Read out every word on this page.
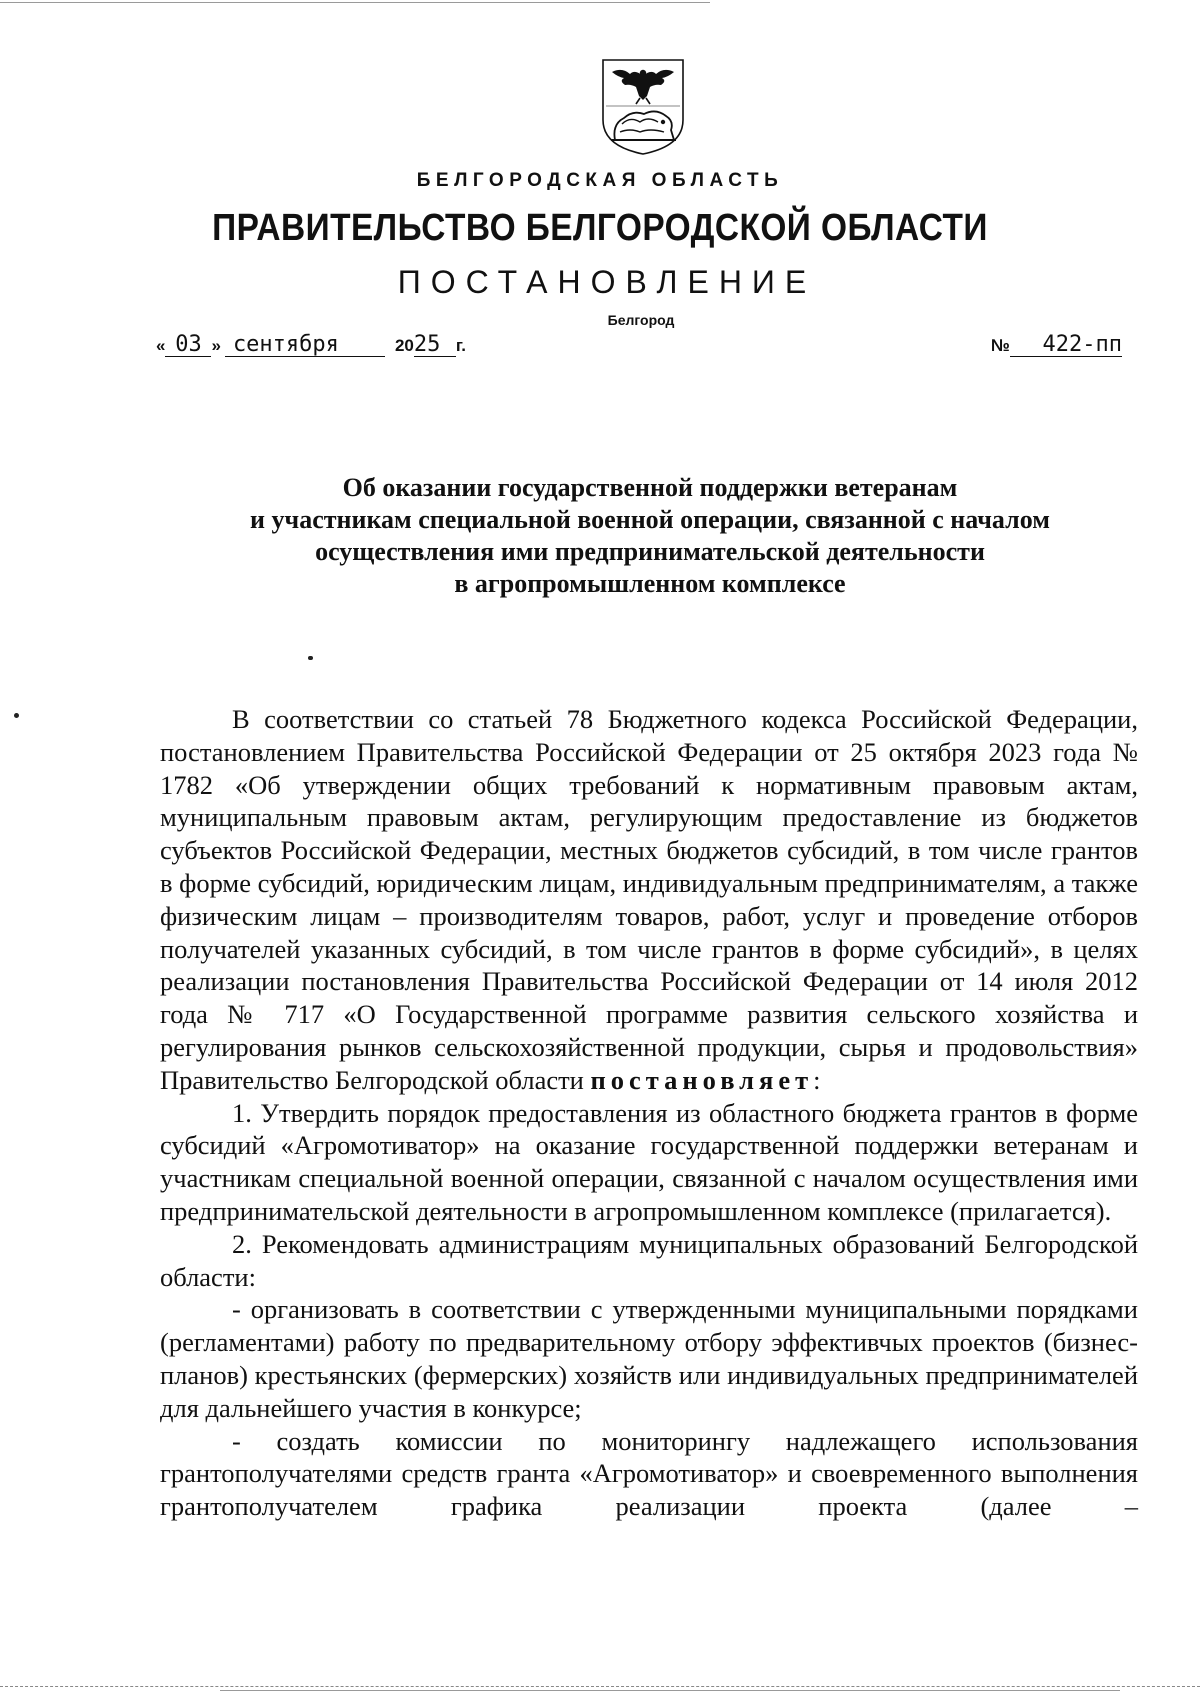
БЕЛГОРОДСКАЯ ОБЛАСТЬ
ПРАВИТЕЛЬСТВО БЕЛГОРОДСКОЙ ОБЛАСТИ
ПОСТАНОВЛЕНИЕ
Белгород
« 03 » сентября	2025 г.	№ 422-пп
Об оказании государственной поддержки ветеранам
и участникам специальной военной операции, связанной с началом
осуществления ими предпринимательской деятельности
в агропромышленном комплексе

В соответствии со статьей 78 Бюджетного кодекса Российской Федерации, постановлением Правительства Российской Федерации от 25 октября 2023 года № 1782 «Об утверждении общих требований к нормативным правовым актам, муниципальным правовым актам, регулирующим предоставление из бюджетов субъектов Российской Федерации, местных бюджетов субсидий, в том числе грантов в форме субсидий, юридическим лицам, индивидуальным предпринимателям, а также физическим лицам – производителям товаров, работ, услуг и проведение отборов получателей указанных субсидий, в том числе грантов в форме субсидий», в целях реализации постановления Правительства Российской Федерации от 14 июля 2012 года № 717 «О Государственной программе развития сельского хозяйства и регулирования рынков сельскохозяйственной продукции, сырья и продовольствия» Правительство Белгородской области постановляет:

1. Утвердить порядок предоставления из областного бюджета грантов в форме субсидий «Агромотиватор» на оказание государственной поддержки ветеранам и участникам специальной военной операции, связанной с началом осуществления ими предпринимательской деятельности в агропромышленном комплексе (прилагается).

2. Рекомендовать администрациям муниципальных образований Белгородской области:

- организовать в соответствии с утвержденными муниципальными порядками (регламентами) работу по предварительному отбору эффективчых проектов (бизнес-планов) крестьянских (фермерских) хозяйств или индивидуальных предпринимателей для дальнейшего участия в конкурсе;

- создать комиссии по мониторингу надлежащего использования грантополучателями средств гранта «Агромотиватор» и своевременного выполнения грантополучателем графика реализации проекта (далее –
